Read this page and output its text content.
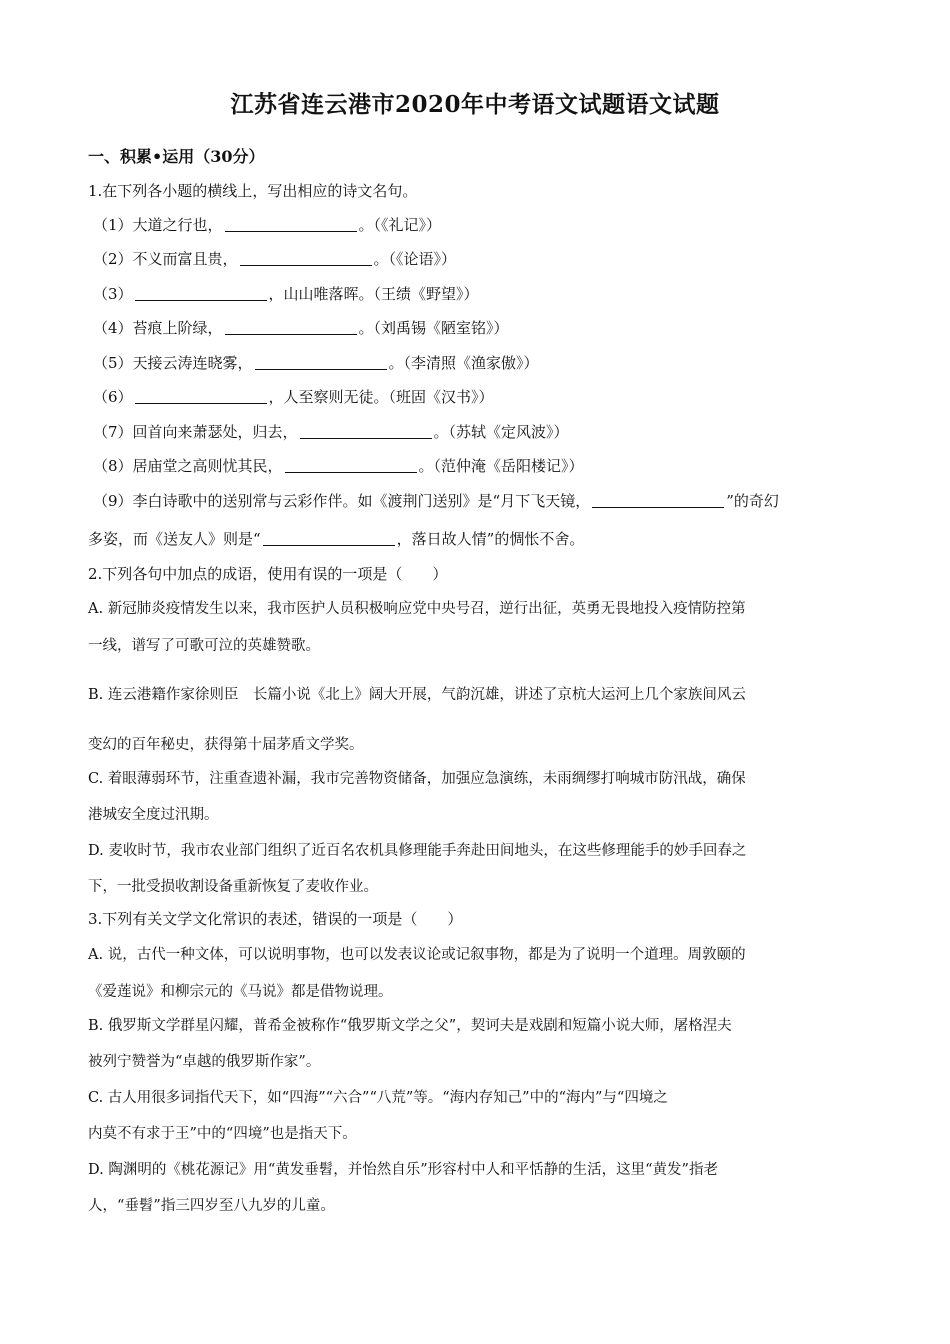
江苏省连云港市2020年中考语文试题语文试题
一、积累•运用（30分）
1.在下列各小题的横线上，写出相应的诗文名句。
（1）大道之行也，	。（《礼记》）
（2）不义而富且贵，	。（《论语》）
（3）	，山山唯落晖。（王绩《野望》）
（4）苔痕上阶绿，	。（刘禹锡《陋室铭》）
（5）天接云涛连晓雾，	。（李清照《渔家傲》）
（6）	，人至察则无徒。（班固《汉书》）
（7）回首向来萧瑟处，归去，	。（苏轼《定风波》）
（8）居庙堂之高则忧其民，	。（范仲淹《岳阳楼记》）
（9）李白诗歌中的送别常与云彩作伴。如《渡荆门送别》是“月下飞天镜，	”的奇幻
多姿，而《送友人》则是“	，落日故人情”的惆怅不舍。
2.下列各句中加点的成语，使用有误的一项是（　　）
A. 新冠肺炎疫情发生以来，我市医护人员积极响应党中央号召，逆行出征，英勇无畏地投入疫情防控第
一线，谱写了可歌可泣的英雄赞歌。
B. 连云港籍作家徐则臣　长篇小说《北上》阔大开展，气韵沉雄，讲述了京杭大运河上几个家族间风云
变幻的百年秘史，获得第十届茅盾文学奖。
C. 着眼薄弱环节，注重查遗补漏，我市完善物资储备，加强应急演练，未雨绸缪打响城市防汛战，确保
港城安全度过汛期。
D. 麦收时节，我市农业部门组织了近百名农机具修理能手奔赴田间地头，在这些修理能手的妙手回春之
下，一批受损收割设备重新恢复了麦收作业。
3.下列有关文学文化常识的表述，错误的一项是（　　）
A. 说，古代一种文体，可以说明事物，也可以发表议论或记叙事物，都是为了说明一个道理。周敦颐的
《爱莲说》和柳宗元的《马说》都是借物说理。
B. 俄罗斯文学群星闪耀，普希金被称作“俄罗斯文学之父”，契诃夫是戏剧和短篇小说大师，屠格涅夫
被列宁赞誉为“卓越的俄罗斯作家”。
C. 古人用很多词指代天下，如“四海”“六合”“八荒”等。“海内存知己”中的“海内”与“四境之
内莫不有求于王”中的“四境”也是指天下。
D. 陶渊明的《桃花源记》用“黄发垂髫，并怡然自乐”形容村中人和平恬静的生活，这里“黄发”指老
人，“垂髫”指三四岁至八九岁的儿童。
